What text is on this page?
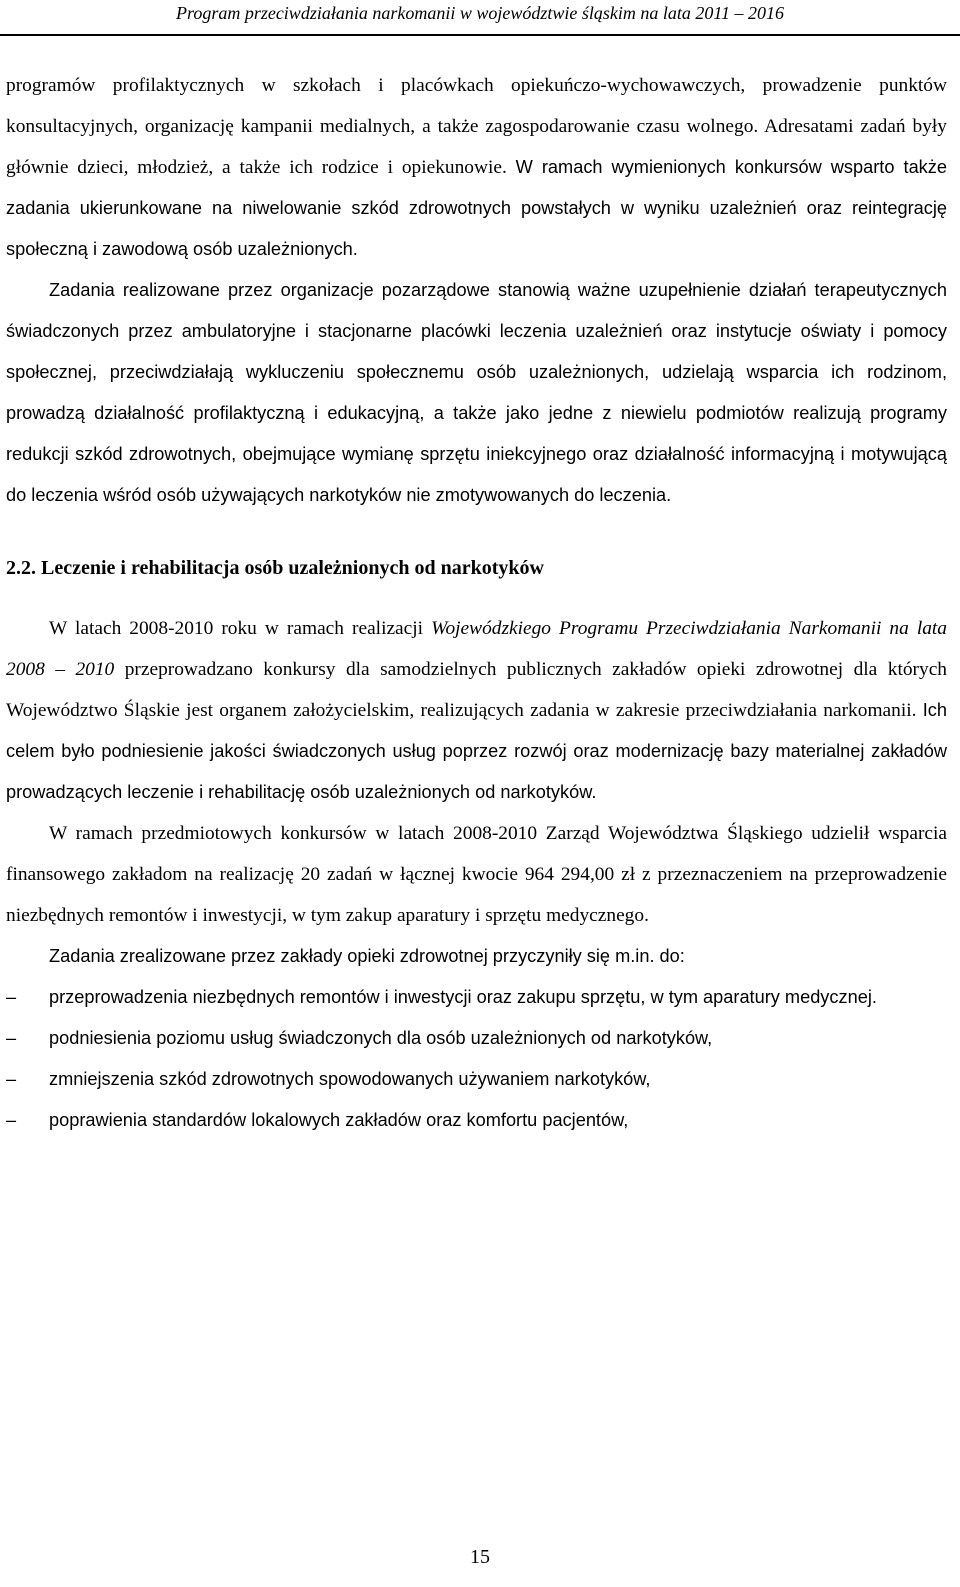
Program przeciwdziałania narkomanii w województwie śląskim na lata 2011 – 2016

programów profilaktycznych w szkołach i placówkach opiekuńczo-wychowawczych, prowadzenie punktów konsultacyjnych, organizację kampanii medialnych, a także zagospodarowanie czasu wolnego. Adresatami zadań były głównie dzieci, młodzież, a także ich rodzice i opiekunowie. W ramach wymienionych konkursów wsparto także zadania ukierunkowane na niwelowanie szkód zdrowotnych powstałych w wyniku uzależnień oraz reintegrację społeczną i zawodową osób uzależnionych.

Zadania realizowane przez organizacje pozarządowe stanowią ważne uzupełnienie działań terapeutycznych świadczonych przez ambulatoryjne i stacjonarne placówki leczenia uzależnień oraz instytucje oświaty i pomocy społecznej, przeciwdziałają wykluczeniu społecznemu osób uzależnionych, udzielają wsparcia ich rodzinom, prowadzą działalność profilaktyczną i edukacyjną, a także jako jedne z niewielu podmiotów realizują programy redukcji szkód zdrowotnych, obejmujące wymianę sprzętu iniekcyjnego oraz działalność informacyjną i motywującą do leczenia wśród osób używających narkotyków nie zmotywowanych do leczenia.

2.2. Leczenie i rehabilitacja osób uzależnionych od narkotyków

W latach 2008-2010 roku w ramach realizacji Wojewódzkiego Programu Przeciwdziałania Narkomanii na lata 2008 – 2010 przeprowadzano konkursy dla samodzielnych publicznych zakładów opieki zdrowotnej dla których Województwo Śląskie jest organem założycielskim, realizujących zadania w zakresie przeciwdziałania narkomanii. Ich celem było podniesienie jakości świadczonych usług poprzez rozwój oraz modernizację bazy materialnej zakładów prowadzących leczenie i rehabilitację osób uzależnionych od narkotyków.

W ramach przedmiotowych konkursów w latach 2008-2010 Zarząd Województwa Śląskiego udzielił wsparcia finansowego zakładom na realizację 20 zadań w łącznej kwocie 964 294,00 zł z przeznaczeniem na przeprowadzenie niezbędnych remontów i inwestycji, w tym zakup aparatury i sprzętu medycznego.

Zadania zrealizowane przez zakłady opieki zdrowotnej przyczyniły się m.in. do:

–	przeprowadzenia niezbędnych remontów i inwestycji oraz zakupu sprzętu, w tym aparatury medycznej.
–	podniesienia poziomu usług świadczonych dla osób uzależnionych od narkotyków,
–	zmniejszenia szkód zdrowotnych spowodowanych używaniem narkotyków,
–	poprawienia standardów lokalowych zakładów oraz komfortu pacjentów,
15
